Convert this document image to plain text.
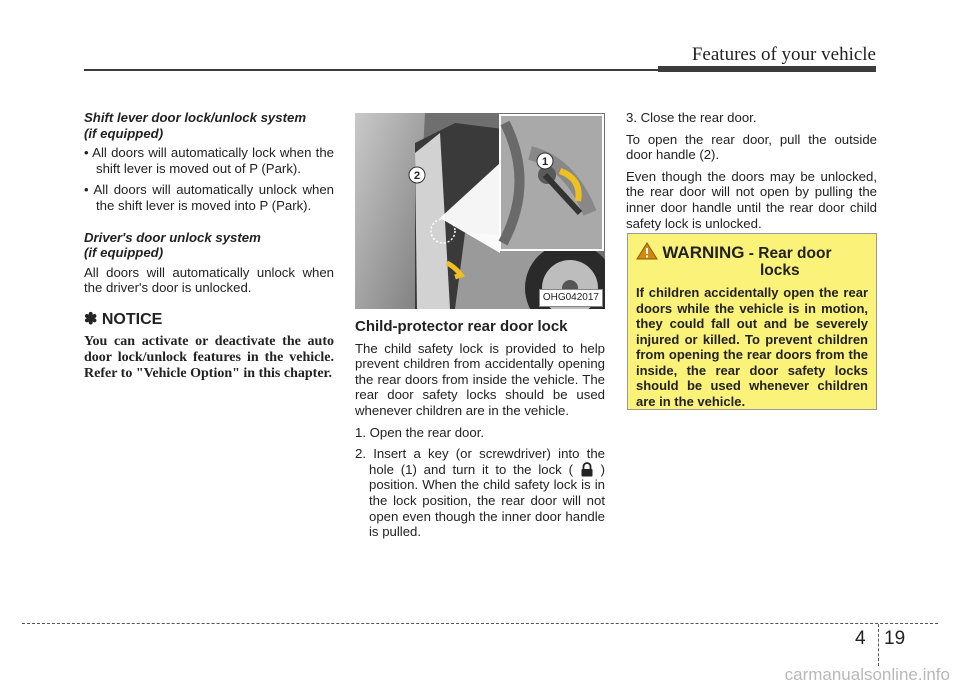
Features of your vehicle

Shift lever door lock/unlock system

(if equipped)

• All doors will automatically lock when the shift lever is moved out of P (Park).

• All doors will automatically unlock when the shift lever is moved into P (Park).

Driver's door unlock system

(if equipped)

All doors will automatically unlock when the driver's door is unlocked.

✽ NOTICE

You can activate or deactivate the auto door lock/unlock features in the vehicle. Refer to "Vehicle Option" in this chapter.

1
2
OHG042017

Child-protector rear door lock

The child safety lock is provided to help prevent children from accidentally opening the rear doors from inside the vehicle. The rear door safety locks should be used whenever children are in the vehicle.

1. Open the rear door.

2. Insert a key (or screwdriver) into the hole (1) and turn it to the lock ( ) position. When the child safety lock is in the lock position, the rear door will not open even though the inner door handle is pulled.

3. Close the rear door.

To open the rear door, pull the outside door handle (2).

Even though the doors may be unlocked, the rear door will not open by pulling the inner door handle until the rear door child safety lock is unlocked.

WARNING - Rear door
locks

If children accidentally open the rear doors while the vehicle is in motion, they could fall out and be severely injured or killed. To prevent children from opening the rear doors from the inside, the rear door safety locks should be used whenever children are in the vehicle.

4 19
carmanualsonline.info
